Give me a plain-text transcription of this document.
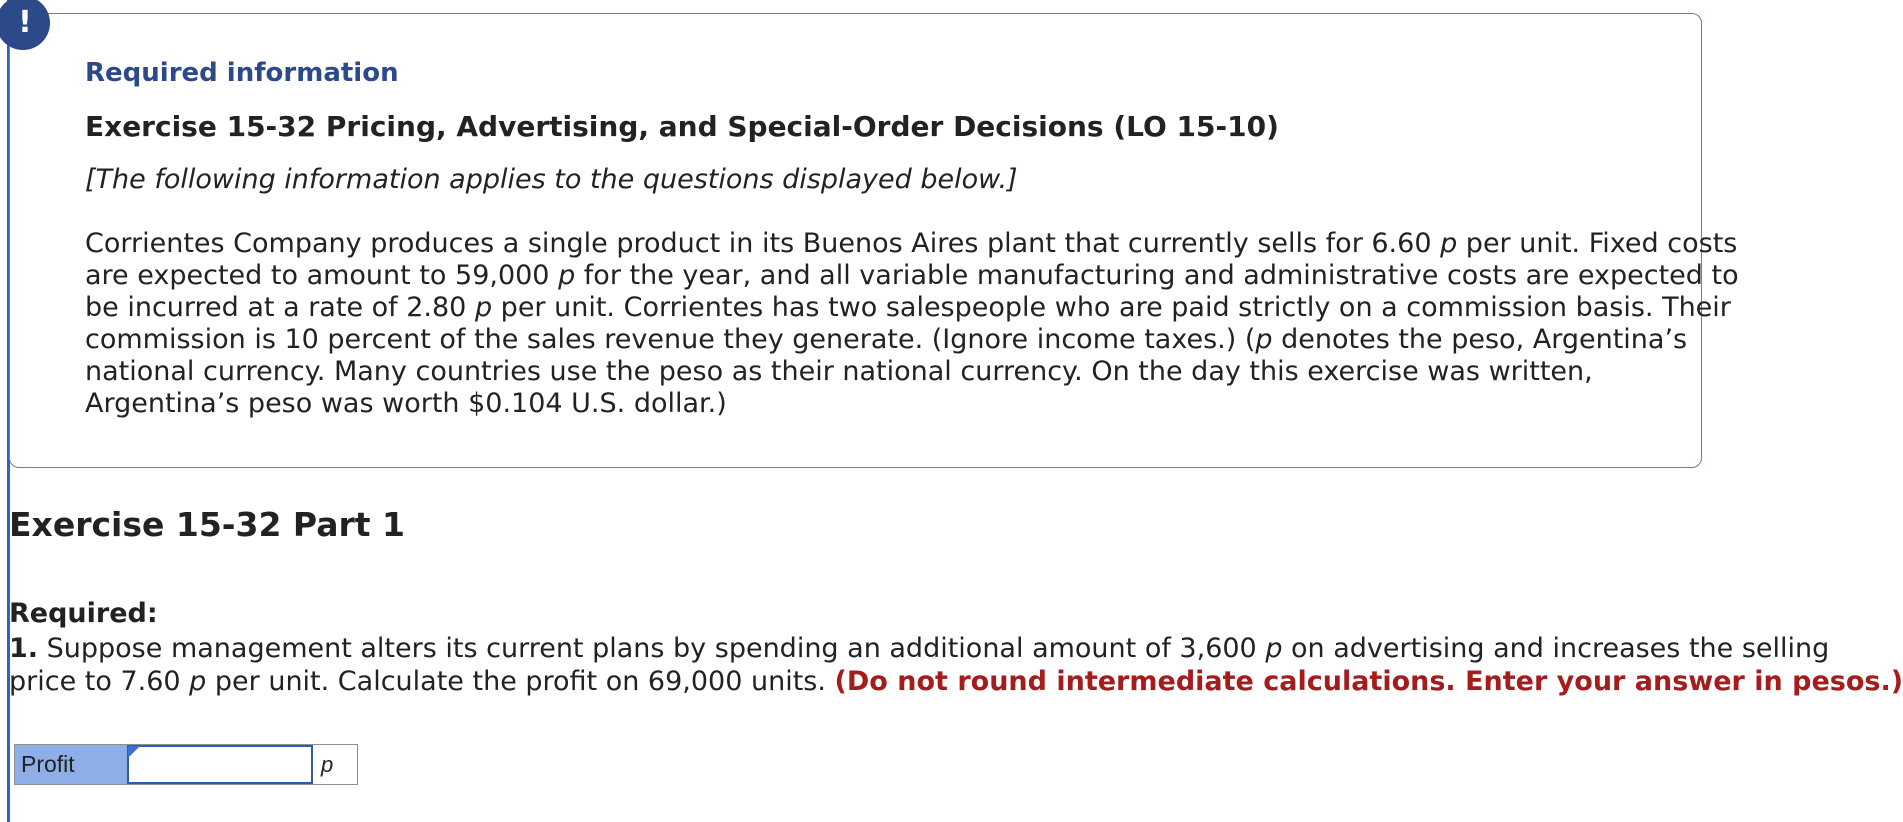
!
Required information
Exercise 15-32 Pricing, Advertising, and Special-Order Decisions (LO 15-10)
[The following information applies to the questions displayed below.]
Corrientes Company produces a single product in its Buenos Aires plant that currently sells for 6.60 p per unit. Fixed costs
are expected to amount to 59,000 p for the year, and all variable manufacturing and administrative costs are expected to
be incurred at a rate of 2.80 p per unit. Corrientes has two salespeople who are paid strictly on a commission basis. Their
commission is 10 percent of the sales revenue they generate. (Ignore income taxes.) (p denotes the peso, Argentina’s
national currency. Many countries use the peso as their national currency. On the day this exercise was written,
Argentina’s peso was worth $0.104 U.S. dollar.)
Exercise 15-32 Part 1
Required:
1. Suppose management alters its current plans by spending an additional amount of 3,600 p on advertising and increases the selling
price to 7.60 p per unit. Calculate the profit on 69,000 units. (Do not round intermediate calculations. Enter your answer in pesos.)
Profit	p
